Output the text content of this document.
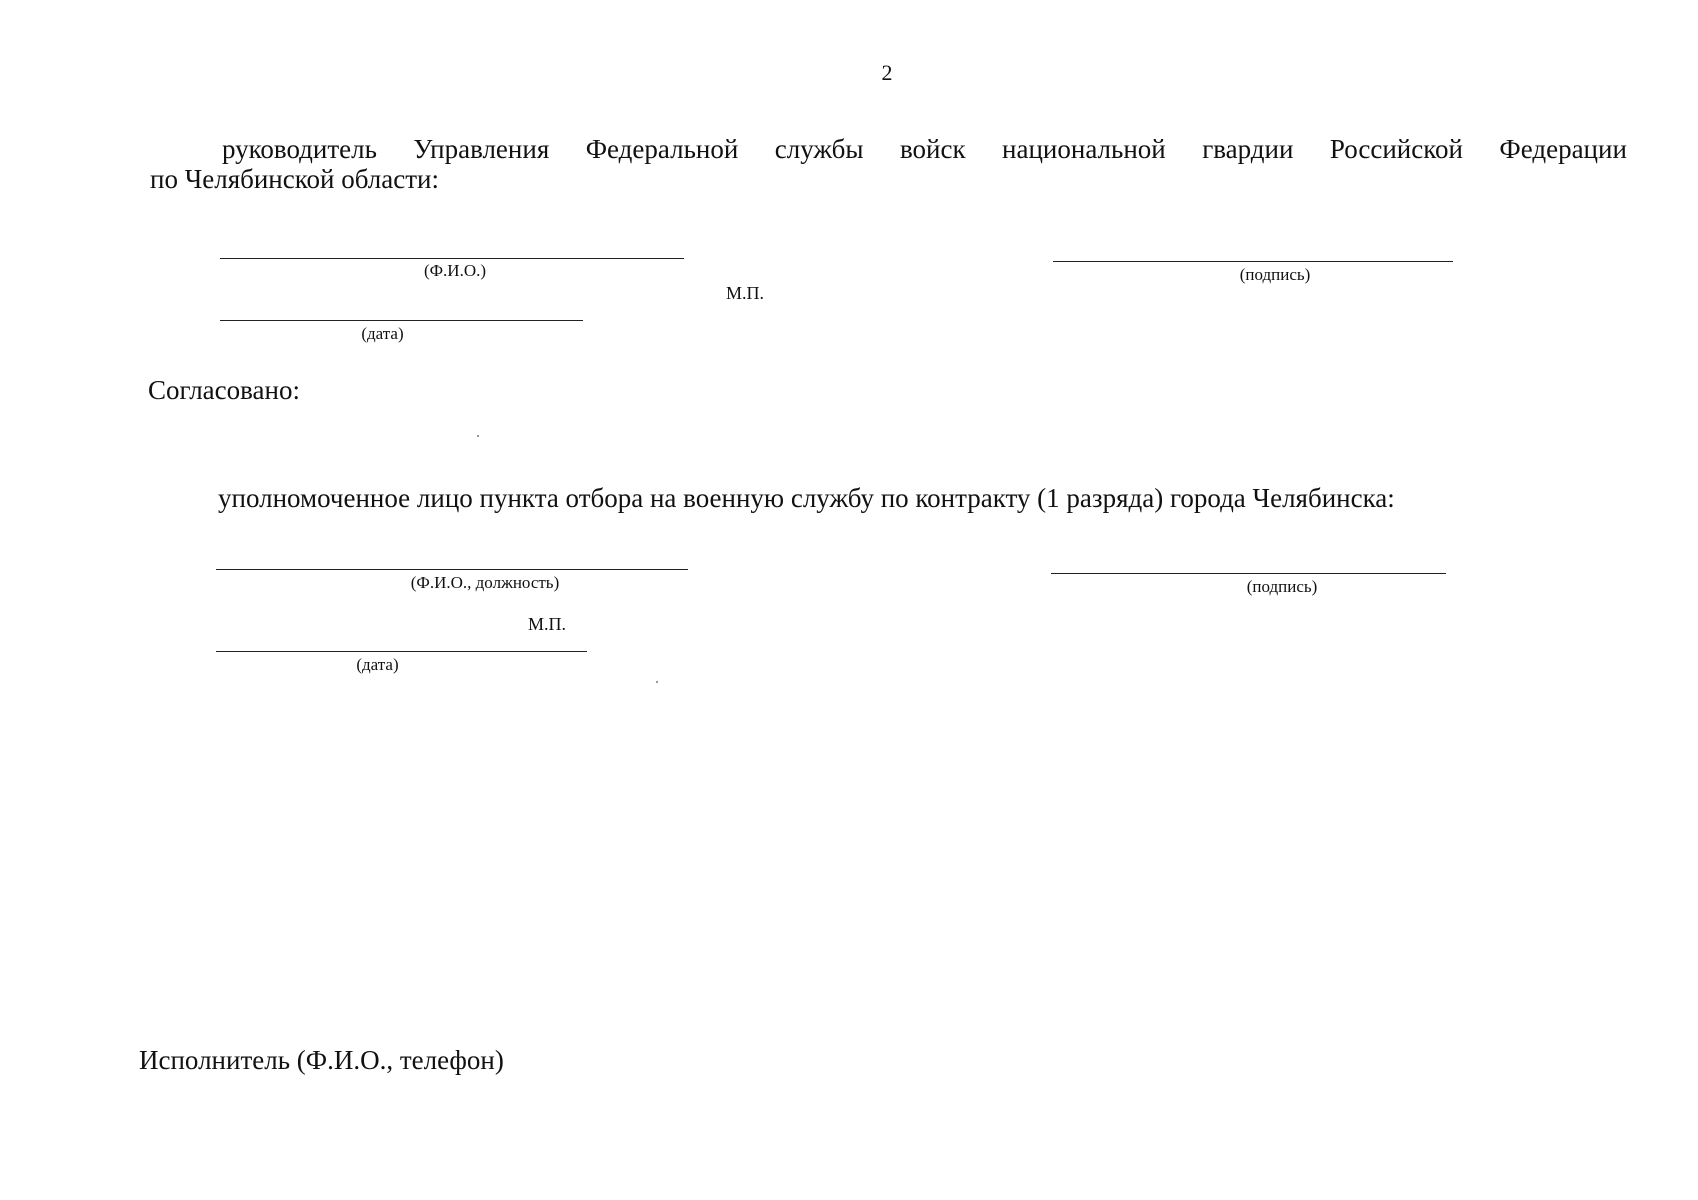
2
руководитель Управления Федеральной службы войск национальной гвардии Российской Федерации
по Челябинской области:
(Ф.И.О.)
М.П.
(подпись)
(дата)
Согласовано:
уполномоченное лицо пункта отбора на военную службу по контракту (1 разряда) города Челябинска:
(Ф.И.О., должность)	(подпись)
М.П.
(дата)
Исполнитель (Ф.И.О., телефон)
